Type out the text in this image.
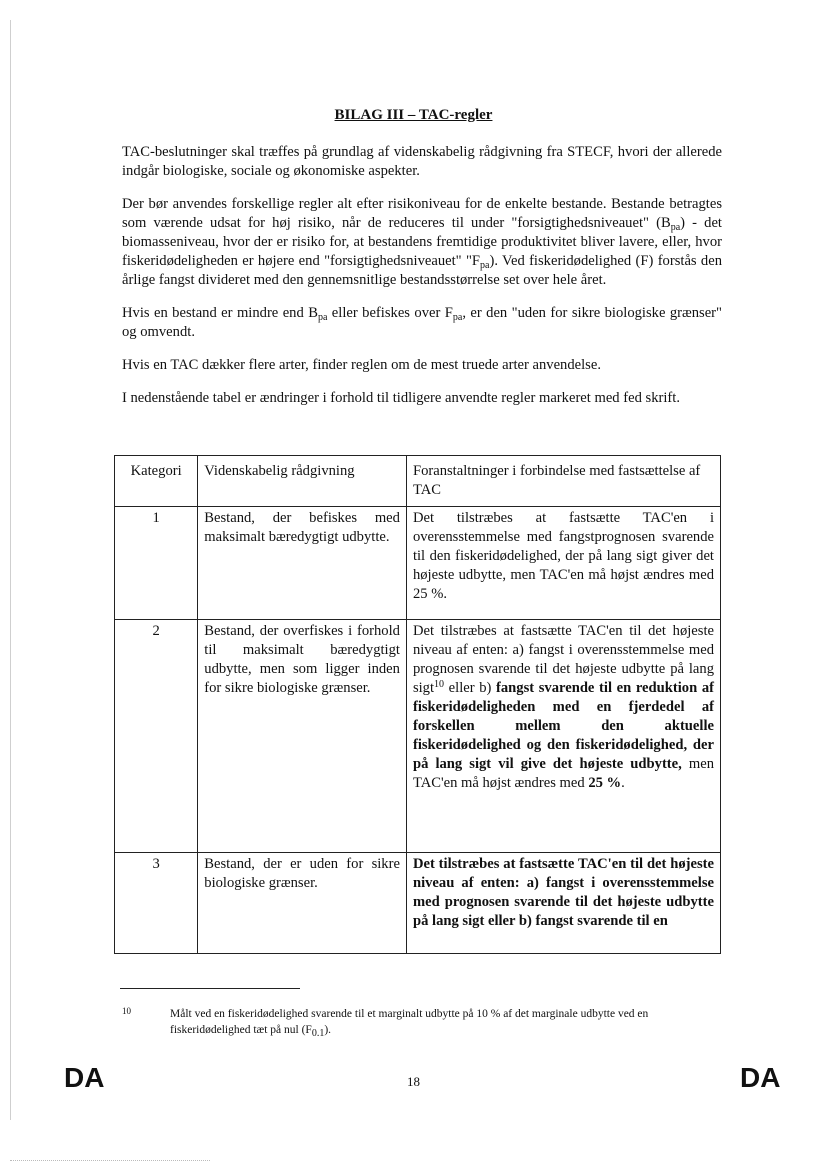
BILAG III – TAC-regler

TAC-beslutninger skal træffes på grundlag af videnskabelig rådgivning fra STECF, hvori der allerede indgår biologiske, sociale og økonomiske aspekter.

Der bør anvendes forskellige regler alt efter risikoniveau for de enkelte bestande. Bestande betragtes som værende udsat for høj risiko, når de reduceres til under "forsigtighedsniveauet" $(B_{pa})$ - det biomasseniveau, hvor der er risiko for, at bestandens fremtidige produktivitet bliver lavere, eller, hvor fiskeridødeligheden er højere end "forsigtighedsniveauet" "$F_{pa}$). Ved fiskeridødelighed (F) forstås den årlige fangst divideret med den gennemsnitlige bestandsstørrelse set over hele året.

Hvis en bestand er mindre end $B_{pa}$ eller befiskes over $F_{pa}$, er den "uden for sikre biologiske grænser" og omvendt.

Hvis en TAC dækker flere arter, finder reglen om de mest truede arter anvendelse.

I nedenstående tabel er ændringer i forhold til tidligere anvendte regler markeret med fed skrift.

Kategori	Videnskabelig rådgivning	Foranstaltninger i forbindelse med fastsættelse af TAC
1	Bestand, der befiskes med maksimalt bæredygtigt udbytte.	Det tilstræbes at fastsætte TAC'en i overensstemmelse med fangstprognosen svarende til den fiskeridødelighed, der på lang sigt giver det højeste udbytte, men TAC'en må højst ændres med 25 %.
2	Bestand, der overfiskes i forhold til maksimalt bæredygtigt udbytte, men som ligger inden for sikre biologiske grænser.	Det tilstræbes at fastsætte TAC'en til det højeste niveau af enten: a) fangst i overensstemmelse med prognosen svarende til det højeste udbytte på lang sigt$^{10}$ eller b) fangst svarende til en reduktion af fiskeridødeligheden med en fjerdedel af forskellen mellem den aktuelle fiskeridødelighed og den fiskeridødelighed, der på lang sigt vil give det højeste udbytte, men TAC'en må højst ændres med 25 %.
3	Bestand, der er uden for sikre biologiske grænser.	Det tilstræbes at fastsætte TAC'en til det højeste niveau af enten: a) fangst i overensstemmelse med prognosen svarende til det højeste udbytte på lang sigt eller b) fangst svarende til en
10	Målt ved en fiskeridødelighed svarende til et marginalt udbytte på 10 % af det marginale udbytte ved en fiskeridødelighed tæt på nul $(F_{0.1})$.
DA	18	DA
